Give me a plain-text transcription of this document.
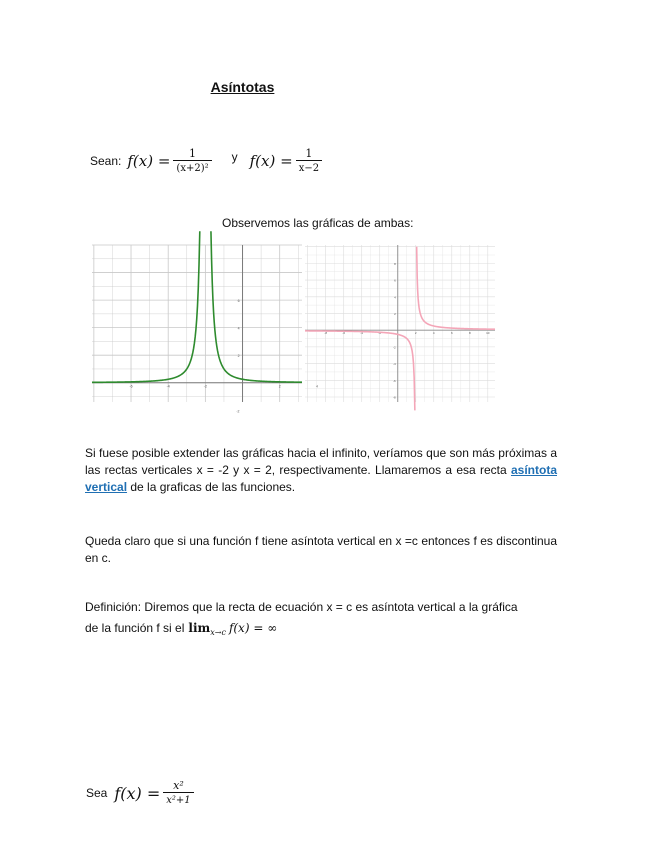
Asíntotas
Sean: $f(x) = \frac{1}{\text{(x+2)²}}$ y $f(x) = \frac{1}{x-2}$
Observemos las gráficas de ambas:
6
4
2
-2
-6	-4	-2	2	4
8
6
4
2
-2
-4
-6
-8
-8	-6	-4	-2	2	4	6	8	10
Si fuese posible extender las gráficas hacia el infinito, veríamos que son más próximas a las rectas verticales x = -2 y x = 2, respectivamente. Llamaremos a esa recta asíntota vertical de la graficas de las funciones.
Queda claro que si una función f tiene asíntota vertical en x =c entonces f es discontinua en c.
Definición: Diremos que la recta de ecuación x = c es asíntota vertical a la gráfica
de la función f si el lim x→c f(x) = ∞
Sea $f(x) = \frac{\text{x²}}{\text{x²+1}}$
